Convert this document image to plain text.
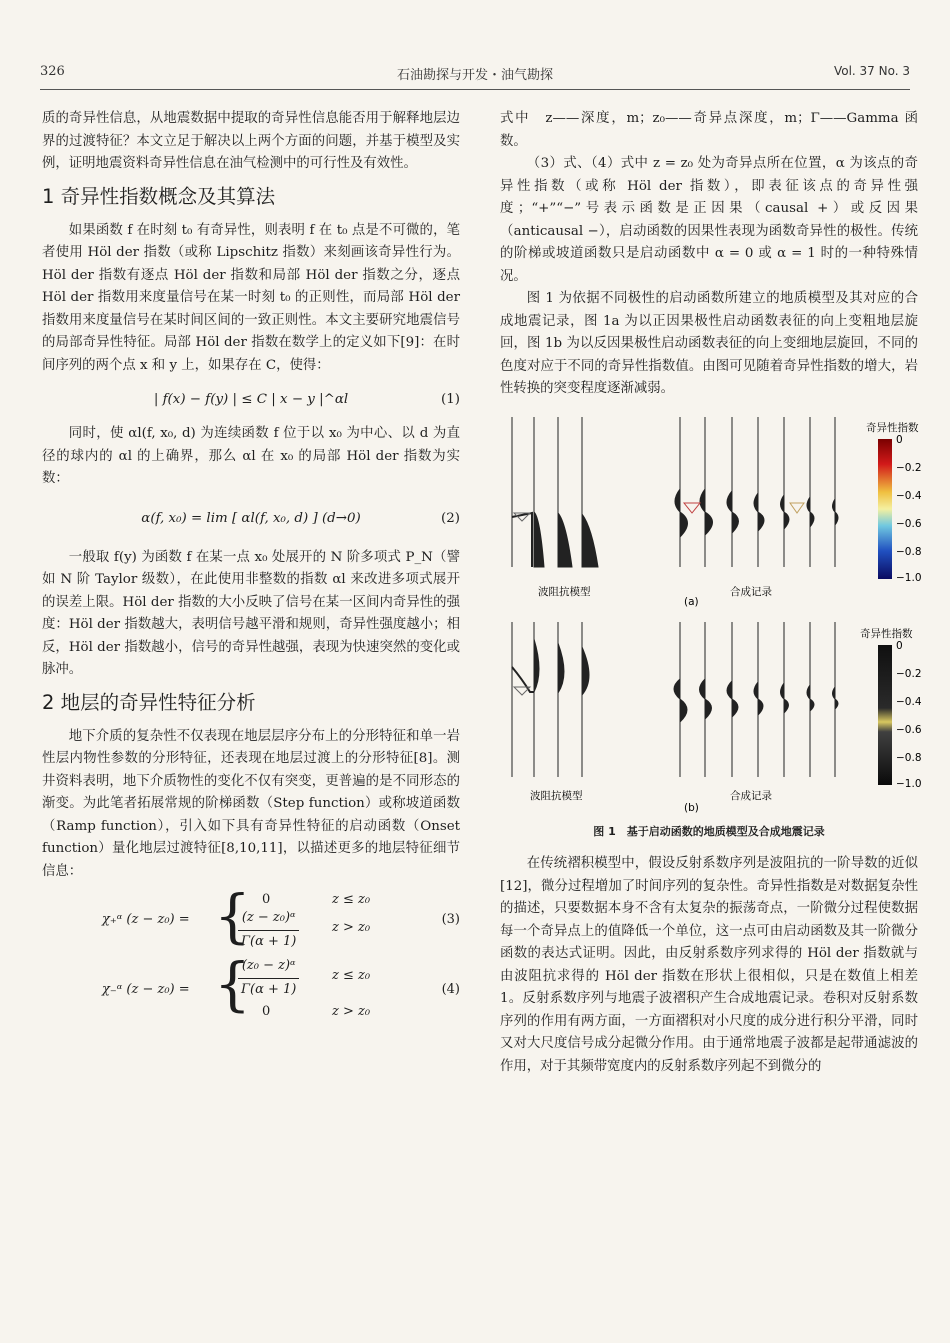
326	石油勘探与开发・油气勘探	Vol. 37 No. 3

质的奇异性信息，从地震数据中提取的奇异性信息能否用于解释地层边界的过渡特征？本文立足于解决以上两个方面的问题，并基于模型及实例，证明地震资料奇异性信息在油气检测中的可行性及有效性。

1 奇异性指数概念及其算法

如果函数 f 在时刻 t₀ 有奇异性，则表明 f 在 t₀ 点是不可微的，笔者使用 Höl der 指数（或称 Lipschitz 指数）来刻画该奇异性行为。Höl der 指数有逐点 Höl der 指数和局部 Höl der 指数之分，逐点 Höl der 指数用来度量信号在某一时刻 t₀ 的正则性，而局部 Höl der 指数用来度量信号在某时间区间的一致正则性。本文主要研究地震信号的局部奇异性特征。局部 Höl der 指数在数学上的定义如下[9]：在时间序列的两个点 x 和 y 上，如果存在 C，使得：

| f(x) − f(y) | ≤ C | x − y |^αl	(1)

同时，使 αl(f, x₀, d) 为连续函数 f 位于以 x₀ 为中心、以 d 为直径的球内的 αl 的上确界，那么 αl 在 x₀ 的局部 Höl der 指数为实数：

α(f, x₀) = lim [ αl(f, x₀, d) ] (d→0)	(2)

一般取 f(y) 为函数 f 在某一点 x₀ 处展开的 N 阶多项式 P_N（譬如 N 阶 Taylor 级数），在此使用非整数的指数 αl 来改进多项式展开的误差上限。Höl der 指数的大小反映了信号在某一区间内奇异性的强度：Höl der 指数越大，表明信号越平滑和规则，奇异性强度越小；相反，Höl der 指数越小，信号的奇异性越强，表现为快速突然的变化或脉冲。

2 地层的奇异性特征分析

地下介质的复杂性不仅表现在地层层序分布上的分形特征和单一岩性层内物性参数的分形特征，还表现在地层过渡上的分形特征[8]。测井资料表明，地下介质物性的变化不仅有突变，更普遍的是不同形态的渐变。为此笔者拓展常规的阶梯函数（Step function）或称坡道函数（Ramp function），引入如下具有奇异性特征的启动函数（Onset function）量化地层过渡特征[8,10,11]，以描述更多的地层特征细节信息：

χ₊ᵅ (z − z₀) = { 0	z ≤ z₀
$\frac{\text{(z − z₀)ᵅ}}{\Gamma(\alpha + 1)}$	z > z₀
(3)
χ₋ᵅ (z − z₀) = {
$\frac{\text{(z₀ − z)ᵅ}}{\Gamma(\alpha + 1)}$	z ≤ z₀
0	z > z₀
(4)

式中　z——深度，m；z₀——奇异点深度，m；Γ——Gamma 函数。

（3）式、（4）式中 z = z₀ 处为奇异点所在位置，α 为该点的奇异性指数（或称 Höl der 指数），即表征该点的奇异性强度；“+”“−”号表示函数是正因果（causal +）或反因果（anticausal −），启动函数的因果性表现为函数奇异性的极性。传统的阶梯或坡道函数只是启动函数中 α = 0 或 α = 1 时的一种特殊情况。

图 1 为依据不同极性的启动函数所建立的地质模型及其对应的合成地震记录，图 1a 为以正因果极性启动函数表征的向上变粗地层旋回，图 1b 为以反因果极性启动函数表征的向上变细地层旋回，不同的色度对应于不同的奇异性指数值。由图可见随着奇异性指数的增大，岩性转换的突变程度逐渐减弱。

奇异性指数
0
−0.2
−0.4
−0.6
−0.8
−1.0
波阻抗模型	合成记录
(a)
奇异性指数
0
−0.2
−0.4
−0.6
−0.8
−1.0
波阻抗模型	合成记录
(b)
图 1　基于启动函数的地质模型及合成地震记录

在传统褶积模型中，假设反射系数序列是波阻抗的一阶导数的近似[12]，微分过程增加了时间序列的复杂性。奇异性指数是对数据复杂性的描述，只要数据本身不含有太复杂的振荡奇点，一阶微分过程使数据每一个奇异点上的值降低一个单位，这一点可由启动函数及其一阶微分函数的表达式证明。因此，由反射系数序列求得的 Höl der 指数就与由波阻抗求得的 Höl der 指数在形状上很相似，只是在数值上相差 1。反射系数序列与地震子波褶积产生合成地震记录。卷积对反射系数序列的作用有两方面，一方面褶积对小尺度的成分进行积分平滑，同时又对大尺度信号成分起微分作用。由于通常地震子波都是起带通滤波的作用，对于其频带宽度内的反射系数序列起不到微分的
